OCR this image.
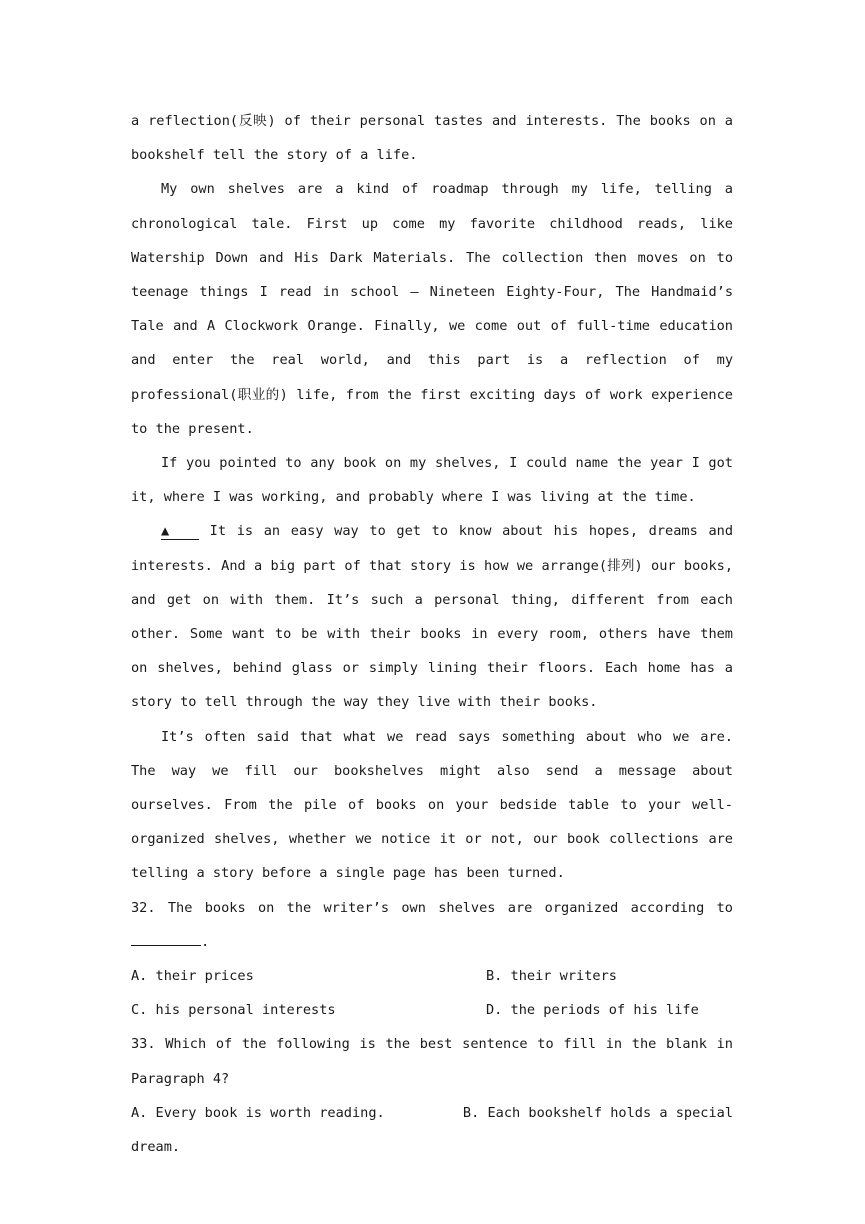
a reflection(反映) of their personal tastes and interests. The books on a bookshelf tell the story of a life.

My own shelves are a kind of roadmap through my life, telling a chronological tale. First up come my favorite childhood reads, like Watership Down and His Dark Materials. The collection then moves on to teenage things I read in school — Nineteen Eighty-Four, The Handmaid’s Tale and A Clockwork Orange. Finally, we come out of full-time education and enter the real world, and this part is a reflection of my professional(职业的) life, from the first exciting days of work experience to the present.

If you pointed to any book on my shelves, I could name the year I got it, where I was working, and probably where I was living at the time.

▲ It is an easy way to get to know about his hopes, dreams and interests. And a big part of that story is how we arrange(排列) our books, and get on with them. It’s such a personal thing, different from each other. Some want to be with their books in every room, others have them on shelves, behind glass or simply lining their floors. Each home has a story to tell through the way they live with their books.

It’s often said that what we read says something about who we are. The way we fill our bookshelves might also send a message about ourselves. From the pile of books on your bedside table to your well-organized shelves, whether we notice it or not, our book collections are telling a story before a single page has been turned.

32. The books on the writer’s own shelves are organized according to .

A. their prices	B. their writers
C. his personal interests	D. the periods of his life

33. Which of the following is the best sentence to fill in the blank in Paragraph 4?

A. Every book is worth reading.	B. Each bookshelf holds a special

dream.
